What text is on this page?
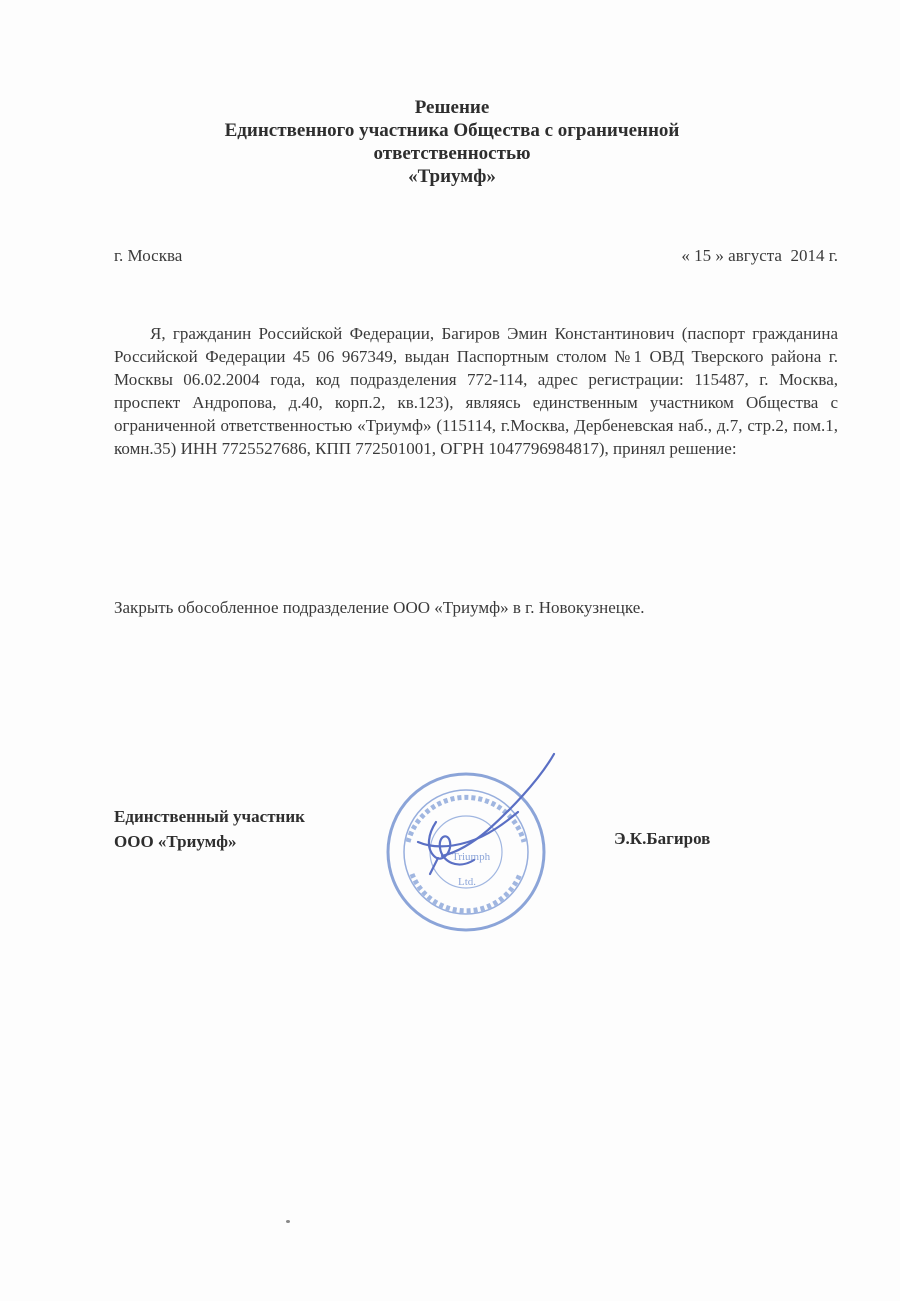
Решение
Единственного участника Общества с ограниченной
ответственностью
«Триумф»
г. Москва	« 15 » августа  2014 г.
Я, гражданин Российской Федерации, Багиров Эмин Константинович (паспорт гражданина Российской Федерации 45 06 967349, выдан Паспортным столом №1 ОВД Тверского района г. Москвы 06.02.2004 года, код подразделения 772-114, адрес регистрации: 115487, г. Москва, проспект Андропова, д.40, корп.2, кв.123), являясь единственным участником Общества с ограниченной ответственностью «Триумф» (115114, г.Москва, Дербеневская наб., д.7, стр.2, пом.1, комн.35) ИНН 7725527686, КПП 772501001, ОГРН 1047796984817), принял решение:
Закрыть обособленное подразделение ООО «Триумф» в г. Новокузнецке.
Единственный участник
ООО «Триумф»
Triumph
Ltd.
Э.К.Багиров
